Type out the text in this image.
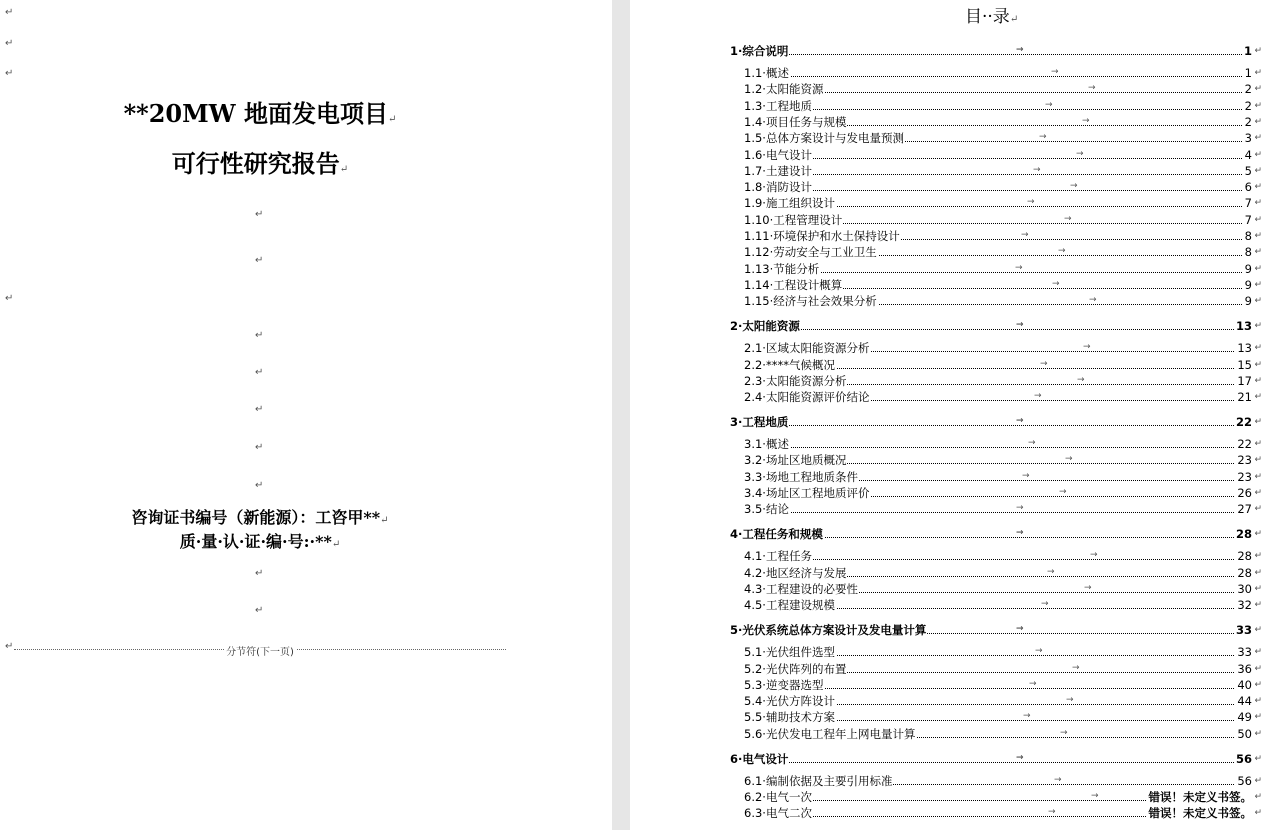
↵
↵
↵
↵
↵
↵
↵
↵
↵
↵
↵
↵
↵
↵
**20MW 地面发电项目↵
可行性研究报告↵
咨询证书编号（新能源）：工咨甲**↵
质·量·认·证·编·号:·**↵
分节符(下一页)
目··录↵
1·综合说明	→	1 ↵
1.1·概述	→	1 ↵
1.2·太阳能资源	→	2 ↵
1.3·工程地质	→	2 ↵
1.4·项目任务与规模	→	2 ↵
1.5·总体方案设计与发电量预测	→	3 ↵
1.6·电气设计	→	4 ↵
1.7·土建设计	→	5 ↵
1.8·消防设计	→	6 ↵
1.9·施工组织设计	→	7 ↵
1.10·工程管理设计	→	7 ↵
1.11·环境保护和水土保持设计	→	8 ↵
1.12·劳动安全与工业卫生	→	8 ↵
1.13·节能分析	→	9 ↵
1.14·工程设计概算	→	9 ↵
1.15·经济与社会效果分析	→	9 ↵
2·太阳能资源	→	13 ↵
2.1·区域太阳能资源分析	→	13 ↵
2.2·****气候概况	→	15 ↵
2.3·太阳能资源分析	→	17 ↵
2.4·太阳能资源评价结论	→	21 ↵
3·工程地质	→	22 ↵
3.1·概述	→	22 ↵
3.2·场址区地质概况	→	23 ↵
3.3·场地工程地质条件	→	23 ↵
3.4·场址区工程地质评价	→	26 ↵
3.5·结论	→	27 ↵
4·工程任务和规模	→	28 ↵
4.1·工程任务	→	28 ↵
4.2·地区经济与发展	→	28 ↵
4.3·工程建设的必要性	→	30 ↵
4.5·工程建设规模	→	32 ↵
5·光伏系统总体方案设计及发电量计算	→	33 ↵
5.1·光伏组件选型	→	33 ↵
5.2·光伏阵列的布置	→	36 ↵
5.3·逆变器选型	→	40 ↵
5.4·光伏方阵设计	→	44 ↵
5.5·辅助技术方案	→	49 ↵
5.6·光伏发电工程年上网电量计算	→	50 ↵
6·电气设计	→	56 ↵
6.1·编制依据及主要引用标准	→	56 ↵
6.2·电气一次	→	错误！未定义书签。 ↵
6.3·电气二次	→	错误！未定义书签。 ↵
